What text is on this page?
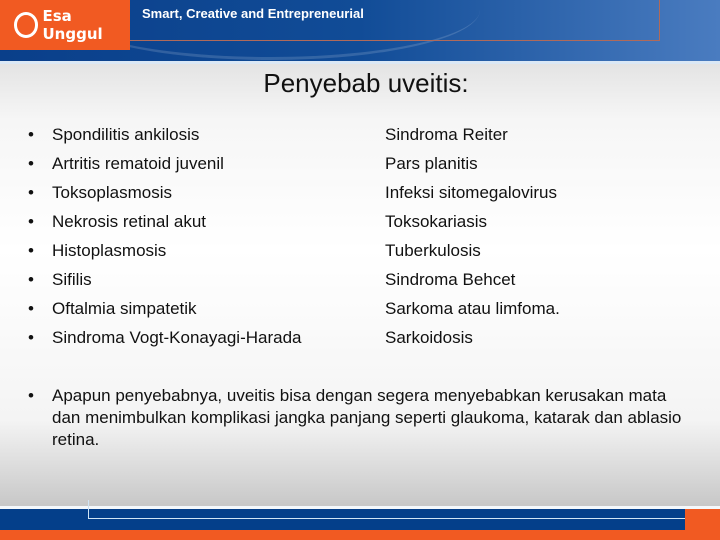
Esa Unggul
Smart, Creative and Entrepreneurial
Penyebab uveitis:
• Spondilitis ankilosis
• Artritis rematoid juvenil
• Toksoplasmosis
• Nekrosis retinal akut
• Histoplasmosis
• Sifilis
• Oftalmia simpatetik
• Sindroma Vogt-Konayagi-Harada
Sindroma Reiter
Pars planitis
Infeksi sitomegalovirus
Toksokariasis
Tuberkulosis
Sindroma Behcet
Sarkoma atau limfoma.
Sarkoidosis
• Apapun penyebabnya, uveitis bisa dengan segera menyebabkan kerusakan mata dan menimbulkan komplikasi jangka panjang seperti glaukoma, katarak dan ablasio retina.
